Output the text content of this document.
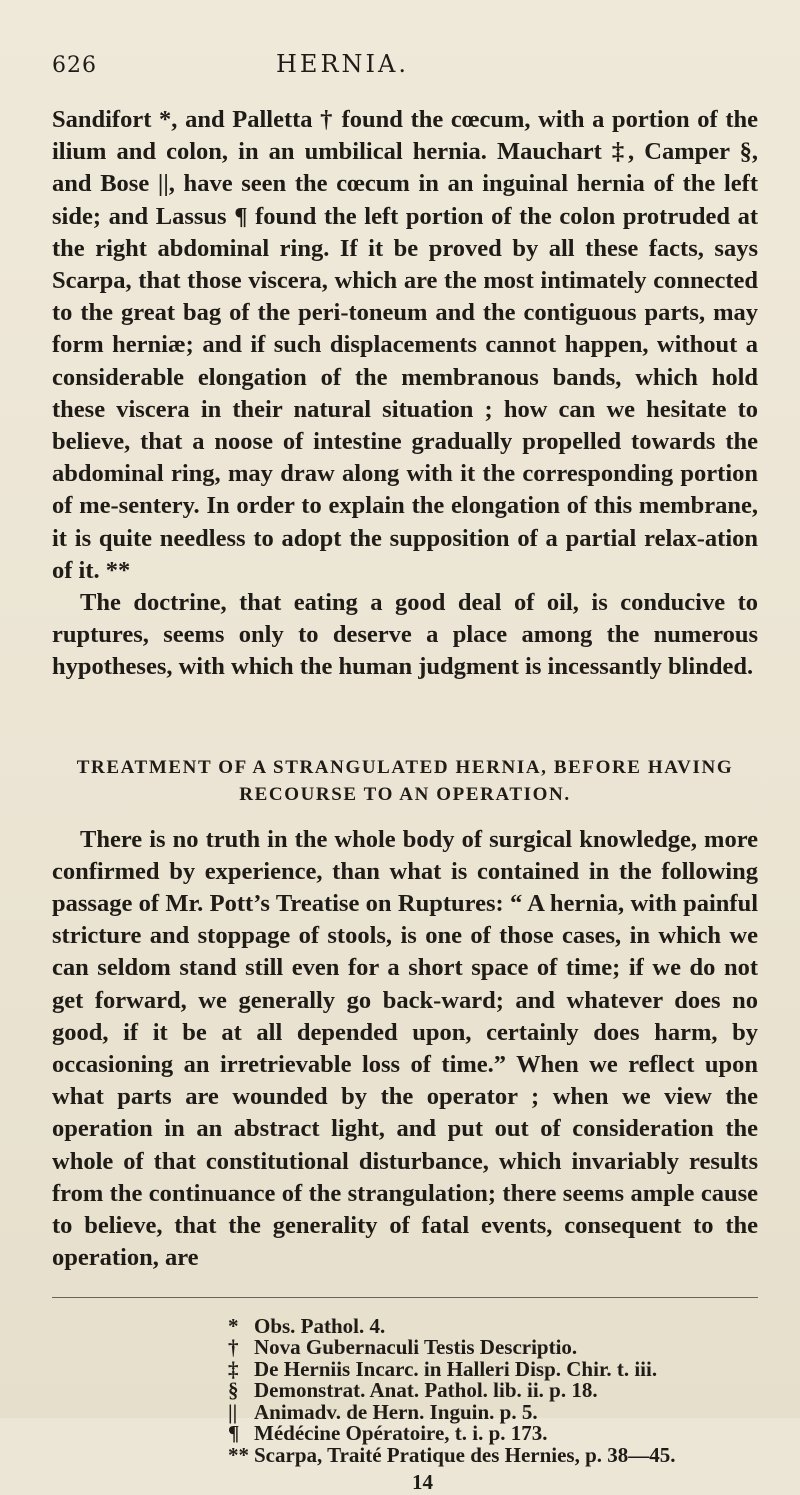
626	HERNIA.

Sandifort *, and Palletta † found the cœcum, with a portion of the ilium and colon, in an umbilical hernia. Mauchart ‡, Camper §, and Bose ||, have seen the cœcum in an inguinal hernia of the left side; and Lassus ¶ found the left portion of the colon protruded at the right abdominal ring. If it be proved by all these facts, says Scarpa, that those viscera, which are the most intimately connected to the great bag of the peri-toneum and the contiguous parts, may form herniæ; and if such displacements cannot happen, without a considerable elongation of the membranous bands, which hold these viscera in their natural situation ; how can we hesitate to believe, that a noose of intestine gradually propelled towards the abdominal ring, may draw along with it the corresponding portion of me-sentery. In order to explain the elongation of this membrane, it is quite needless to adopt the supposition of a partial relax-ation of it. **

The doctrine, that eating a good deal of oil, is conducive to ruptures, seems only to deserve a place among the numerous hypotheses, with which the human judgment is incessantly blinded.

TREATMENT OF A STRANGULATED HERNIA, BEFORE HAVING
RECOURSE TO AN OPERATION.

There is no truth in the whole body of surgical knowledge, more confirmed by experience, than what is contained in the following passage of Mr. Pott’s Treatise on Ruptures: “ A hernia, with painful stricture and stoppage of stools, is one of those cases, in which we can seldom stand still even for a short space of time; if we do not get forward, we generally go back-ward; and whatever does no good, if it be at all depended upon, certainly does harm, by occasioning an irretrievable loss of time.” When we reflect upon what parts are wounded by the operator ; when we view the operation in an abstract light, and put out of consideration the whole of that constitutional disturbance, which invariably results from the continuance of the strangulation; there seems ample cause to believe, that the generality of fatal events, consequent to the operation, are

* Obs. Pathol. 4.
† Nova Gubernaculi Testis Descriptio.
‡ De Herniis Incarc. in Halleri Disp. Chir. t. iii.
§ Demonstrat. Anat. Pathol. lib. ii. p. 18.
|| Animadv. de Hern. Inguin. p. 5.
¶ Médécine Opératoire, t. i. p. 173.
** Scarpa, Traité Pratique des Hernies, p. 38—45.
14
